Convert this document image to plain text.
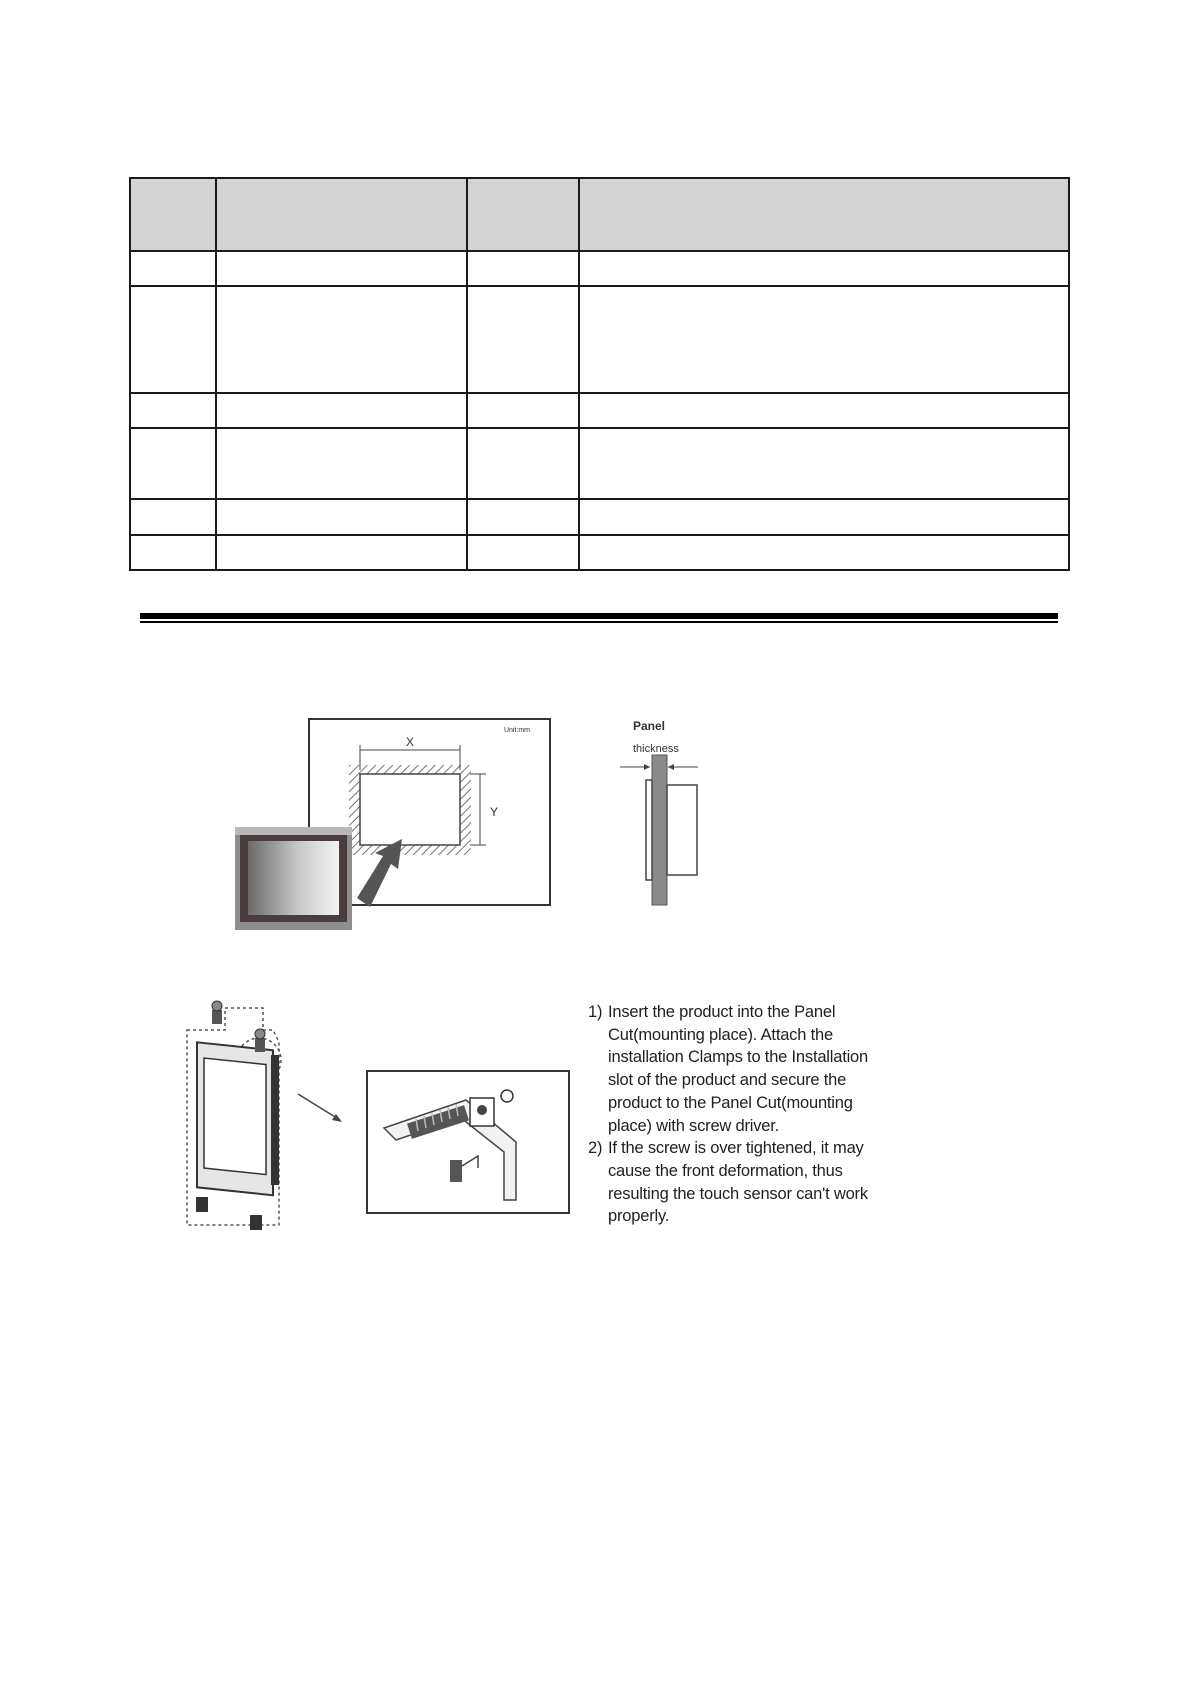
X
Y
Unit:mm	Panel
thickness
1) Insert the product into the Panel Cut(mounting place). Attach the installation Clamps to the Installation slot of the product and secure the product to the Panel Cut(mounting place) with screw driver.
2) If the screw is over tightened, it may cause the front deformation, thus resulting the touch sensor can't work properly.
